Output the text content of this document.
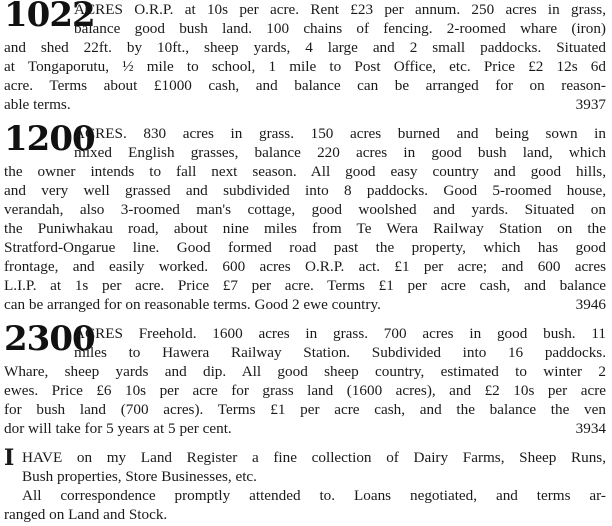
1022
ACRES O.R.P. at 10s per acre. Rent £23 per annum. 250 acres in grass,
balance good bush land. 100 chains of fencing. 2-roomed whare (iron)
and shed 22ft. by 10ft., sheep yards, 4 large and 2 small paddocks. Situated
at Tongaporutu, ½ mile to school, 1 mile to Post Office, etc. Price £2 12s 6d
acre. Terms about £1000 cash, and balance can be arranged for on reason-
able terms.	3937
1200
ACRES. 830 acres in grass. 150 acres burned and being sown in
mixed English grasses, balance 220 acres in good bush land, which
the owner intends to fall next season. All good easy country and good hills,
and very well grassed and subdivided into 8 paddocks. Good 5-roomed house,
verandah, also 3-roomed man's cottage, good woolshed and yards. Situated on
the Puniwhakau road, about nine miles from Te Wera Railway Station on the
Stratford-Ongarue line. Good formed road past the property, which has good
frontage, and easily worked. 600 acres O.R.P. act. £1 per acre; and 600 acres
L.I.P. at 1s per acre. Price £7 per acre. Terms £1 per acre cash, and balance
can be arranged for on reasonable terms. Good 2 ewe country.	3946
2300
ACRES Freehold. 1600 acres in grass. 700 acres in good bush. 11
miles to Hawera Railway Station. Subdivided into 16 paddocks.
Whare, sheep yards and dip. All good sheep country, estimated to winter 2
ewes. Price £6 10s per acre for grass land (1600 acres), and £2 10s per acre
for bush land (700 acres). Terms £1 per acre cash, and the balance the ven
dor will take for 5 years at 5 per cent.	3934
I HAVE on my Land Register a fine collection of Dairy Farms, Sheep Runs,
Bush properties, Store Businesses, etc.
All correspondence promptly attended to. Loans negotiated, and terms ar-
ranged on Land and Stock.
